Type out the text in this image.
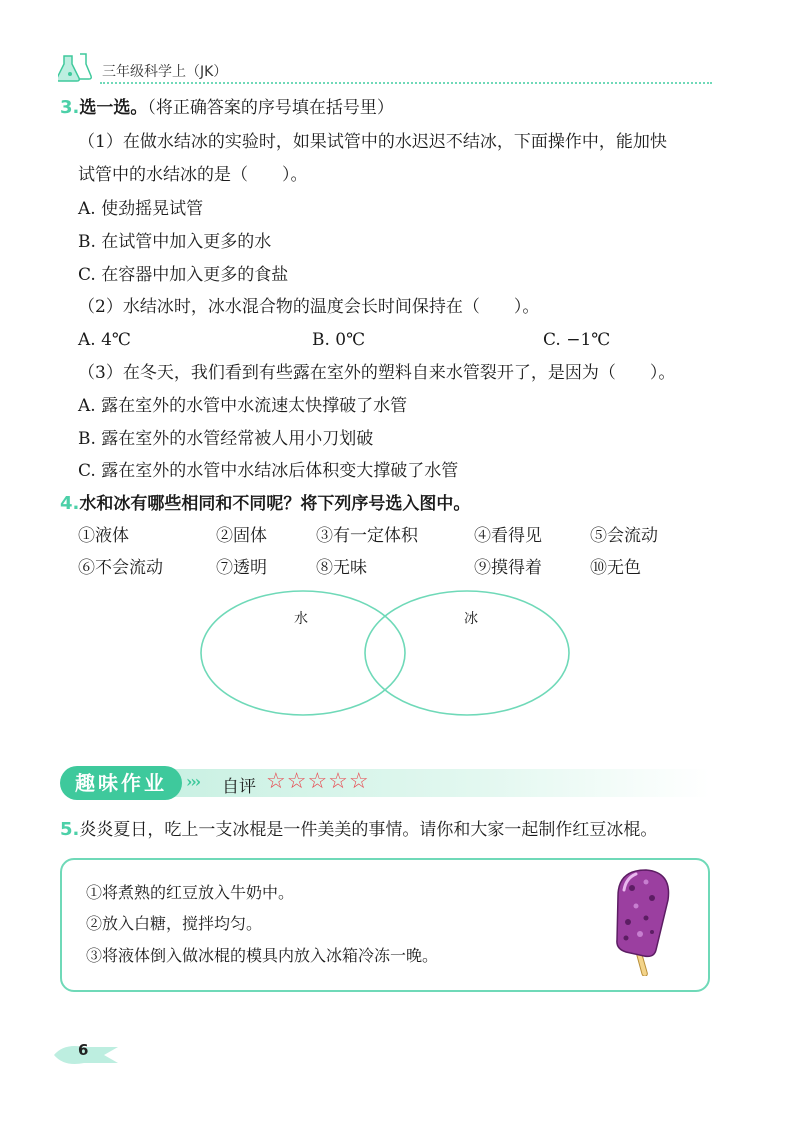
三年级科学上（JK）
3.选一选。（将正确答案的序号填在括号里）
（1）在做水结冰的实验时，如果试管中的水迟迟不结冰，下面操作中，能加快
试管中的水结冰的是（　　）。
A. 使劲摇晃试管
B. 在试管中加入更多的水
C. 在容器中加入更多的食盐
（2）水结冰时，冰水混合物的温度会长时间保持在（　　）。
A. 4℃	B. 0℃	C. −1℃
（3）在冬天，我们看到有些露在室外的塑料自来水管裂开了，是因为（　　）。
A. 露在室外的水管中水流速太快撑破了水管
B. 露在室外的水管经常被人用小刀划破
C. 露在室外的水管中水结冰后体积变大撑破了水管
4.水和冰有哪些相同和不同呢？将下列序号选入图中。
①液体	②固体	③有一定体积	④看得见	⑤会流动
⑥不会流动	⑦透明	⑧无味	⑨摸得着	⑩无色
水	冰
趣味作业	››› 自评 ☆☆☆☆☆
5.炎炎夏日，吃上一支冰棍是一件美美的事情。请你和大家一起制作红豆冰棍。
①将煮熟的红豆放入牛奶中。
②放入白糖，搅拌均匀。
③将液体倒入做冰棍的模具内放入冰箱冷冻一晚。
6
